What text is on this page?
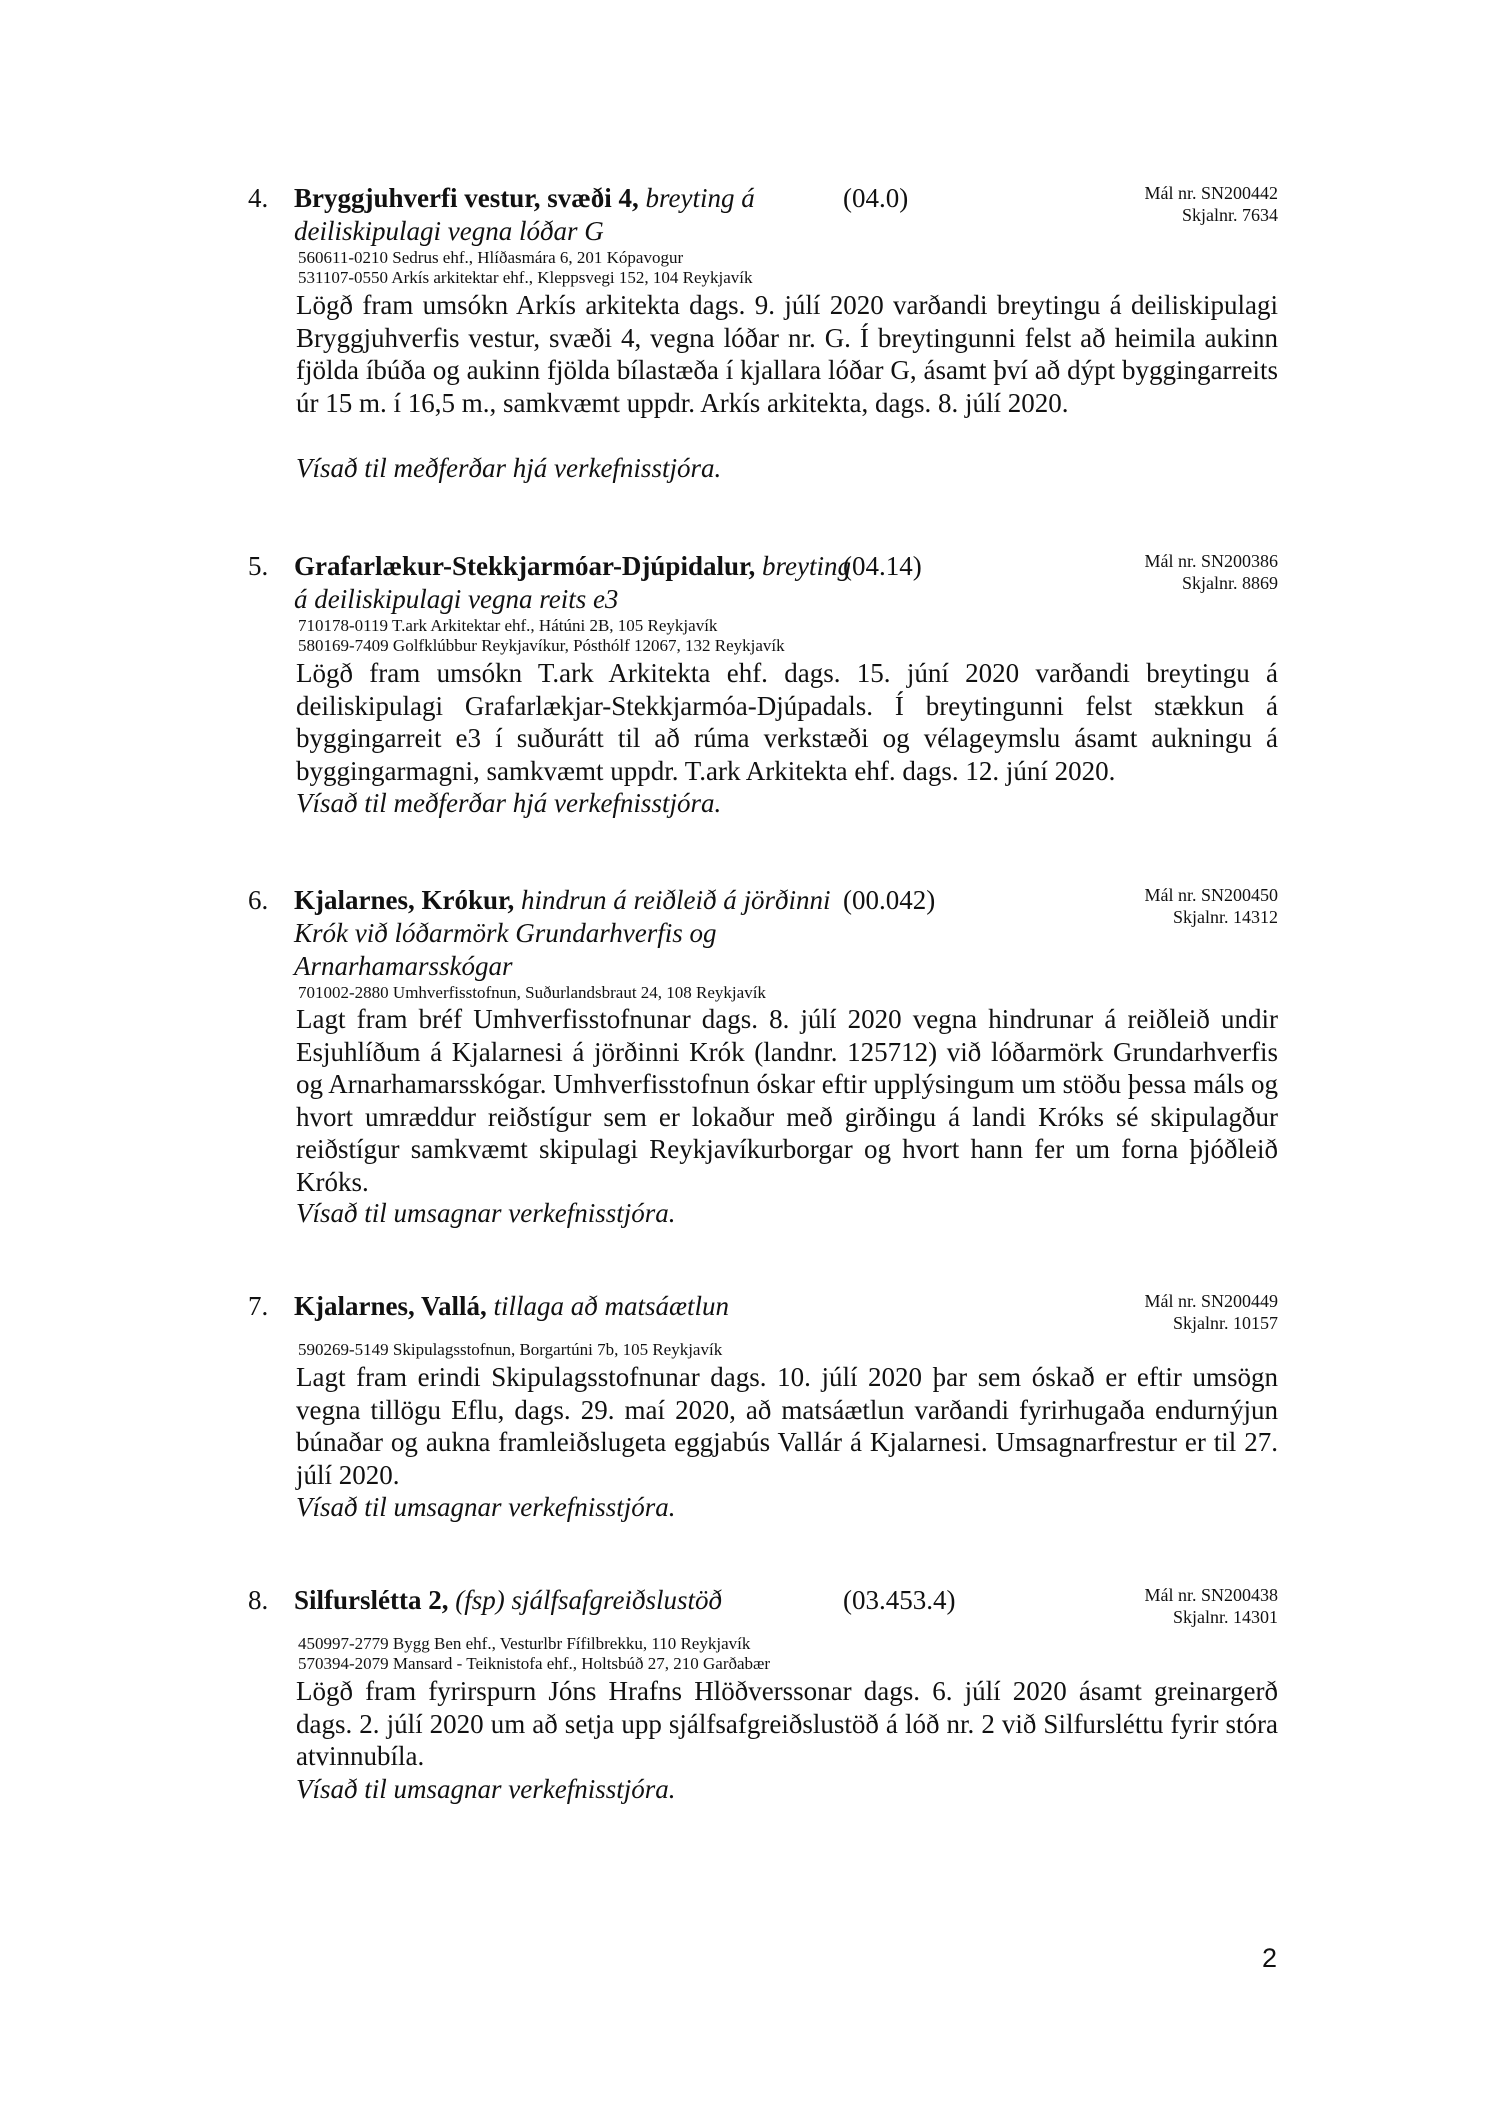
4. Bryggjuhverfi vestur, svæði 4, breyting á deiliskipulagi vegna lóðar G
(04.0)	Mál nr. SN200442
Skjalnr. 7634
560611-0210 Sedrus ehf., Hlíðasmára 6, 201 Kópavogur
531107-0550 Arkís arkitektar ehf., Kleppsvegi 152, 104 Reykjavík
Lögð fram umsókn Arkís arkitekta dags. 9. júlí 2020 varðandi breytingu á deiliskipulagi Bryggjuhverfis vestur, svæði 4, vegna lóðar nr. G. Í breytingunni felst að heimila aukinn fjölda íbúða og aukinn fjölda bílastæða í kjallara lóðar G, ásamt því að dýpt byggingarreits úr 15 m. í 16,5 m., samkvæmt uppdr. Arkís arkitekta, dags. 8. júlí 2020.
Vísað til meðferðar hjá verkefnisstjóra.
5. Grafarlækur-Stekkjarmóar-Djúpidalur, breyting á deiliskipulagi vegna reits e3
(04.14)	Mál nr. SN200386
Skjalnr. 8869
710178-0119 T.ark Arkitektar ehf., Hátúni 2B, 105 Reykjavík
580169-7409 Golfklúbbur Reykjavíkur, Pósthólf 12067, 132 Reykjavík
Lögð fram umsókn T.ark Arkitekta ehf. dags. 15. júní 2020 varðandi breytingu á deiliskipulagi Grafarlækjar-Stekkjarmóa-Djúpadals. Í breytingunni felst stækkun á byggingarreit e3 í suðurátt til að rúma verkstæði og vélageymslu ásamt aukningu á byggingarmagni, samkvæmt uppdr. T.ark Arkitekta ehf. dags. 12. júní 2020.
Vísað til meðferðar hjá verkefnisstjóra.
6. Kjalarnes, Krókur, hindrun á reiðleið á jörðinni Krók við lóðarmörk Grundarhverfis og Arnarhamarsskógar
(00.042)	Mál nr. SN200450
Skjalnr. 14312
701002-2880 Umhverfisstofnun, Suðurlandsbraut 24, 108 Reykjavík
Lagt fram bréf Umhverfisstofnunar dags. 8. júlí 2020 vegna hindrunar á reiðleið undir Esjuhlíðum á Kjalarnesi á jörðinni Krók (landnr. 125712) við lóðarmörk Grundarhverfis og Arnarhamarsskógar. Umhverfisstofnun óskar eftir upplýsingum um stöðu þessa máls og hvort umræddur reiðstígur sem er lokaður með girðingu á landi Króks sé skipulagður reiðstígur samkvæmt skipulagi Reykjavíkurborgar og hvort hann fer um forna þjóðleið Króks.
Vísað til umsagnar verkefnisstjóra.
7. Kjalarnes, Vallá, tillaga að matsáætlun	Mál nr. SN200449
Skjalnr. 10157
590269-5149 Skipulagsstofnun, Borgartúni 7b, 105 Reykjavík
Lagt fram erindi Skipulagsstofnunar dags. 10. júlí 2020 þar sem óskað er eftir umsögn vegna tillögu Eflu, dags. 29. maí 2020, að matsáætlun varðandi fyrirhugaða endurnýjun búnaðar og aukna framleiðslugeta eggjabús Vallár á Kjalarnesi. Umsagnarfrestur er til 27. júlí 2020.
Vísað til umsagnar verkefnisstjóra.
8. Silfurslétta 2, (fsp) sjálfsafgreiðslustöð	(03.453.4)	Mál nr. SN200438
Skjalnr. 14301
450997-2779 Bygg Ben ehf., Vesturlbr Fífilbrekku, 110 Reykjavík
570394-2079 Mansard - Teiknistofa ehf., Holtsbúð 27, 210 Garðabær
Lögð fram fyrirspurn Jóns Hrafns Hlöðverssonar dags. 6. júlí 2020 ásamt greinargerð dags. 2. júlí 2020 um að setja upp sjálfsafgreiðslustöð á lóð nr. 2 við Silfursléttu fyrir stóra atvinnubíla.
Vísað til umsagnar verkefnisstjóra.
2
